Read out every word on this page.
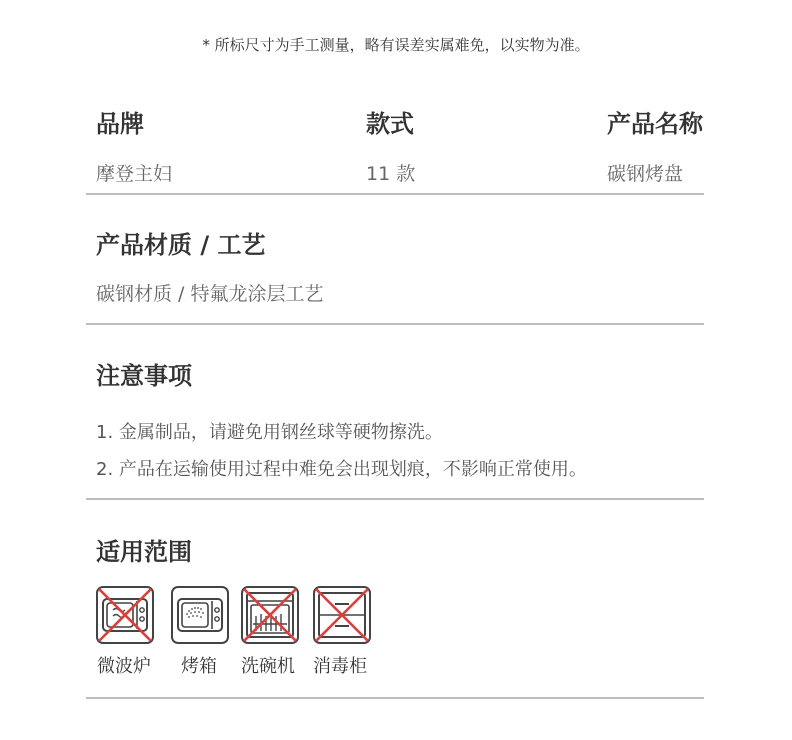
* 所标尺寸为手工测量，略有误差实属难免，以实物为准。
品牌	款式	产品名称
摩登主妇	11 款	碳钢烤盘
产品材质 / 工艺
碳钢材质 / 特氟龙涂层工艺
注意事项
1. 金属制品，请避免用钢丝球等硬物擦洗。
2. 产品在运输使用过程中难免会出现划痕，不影响正常使用。
适用范围
微波炉 烤箱 洗碗机 消毒柜
